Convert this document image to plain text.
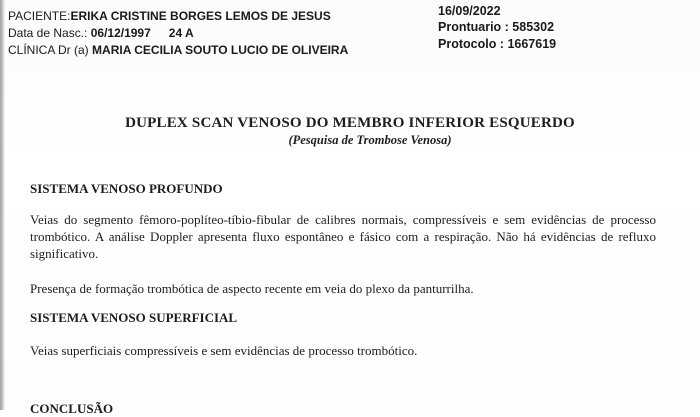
PACIENTE:ERIKA CRISTINE BORGES LEMOS DE JESUS
Data de Nasc.: 06/12/1997 24 A
CLÍNICA Dr (a) MARIA CECILIA SOUTO LUCIO DE OLIVEIRA
16/09/2022
Prontuario : 585302
Protocolo : 1667619
DUPLEX SCAN VENOSO DO MEMBRO INFERIOR ESQUERDO
(Pesquisa de Trombose Venosa)
SISTEMA VENOSO PROFUNDO
Veias do segmento fêmoro-poplíteo-tíbio-fibular de calibres normais, compressíveis e sem evidências de processo trombótico. A análise Doppler apresenta fluxo espontâneo e fásico com a respiração. Não há evidências de refluxo significativo.
Presença de formação trombótica de aspecto recente em veia do plexo da panturrilha.
SISTEMA VENOSO SUPERFICIAL
Veias superficiais compressíveis e sem evidências de processo trombótico.
CONCLUSÃO
